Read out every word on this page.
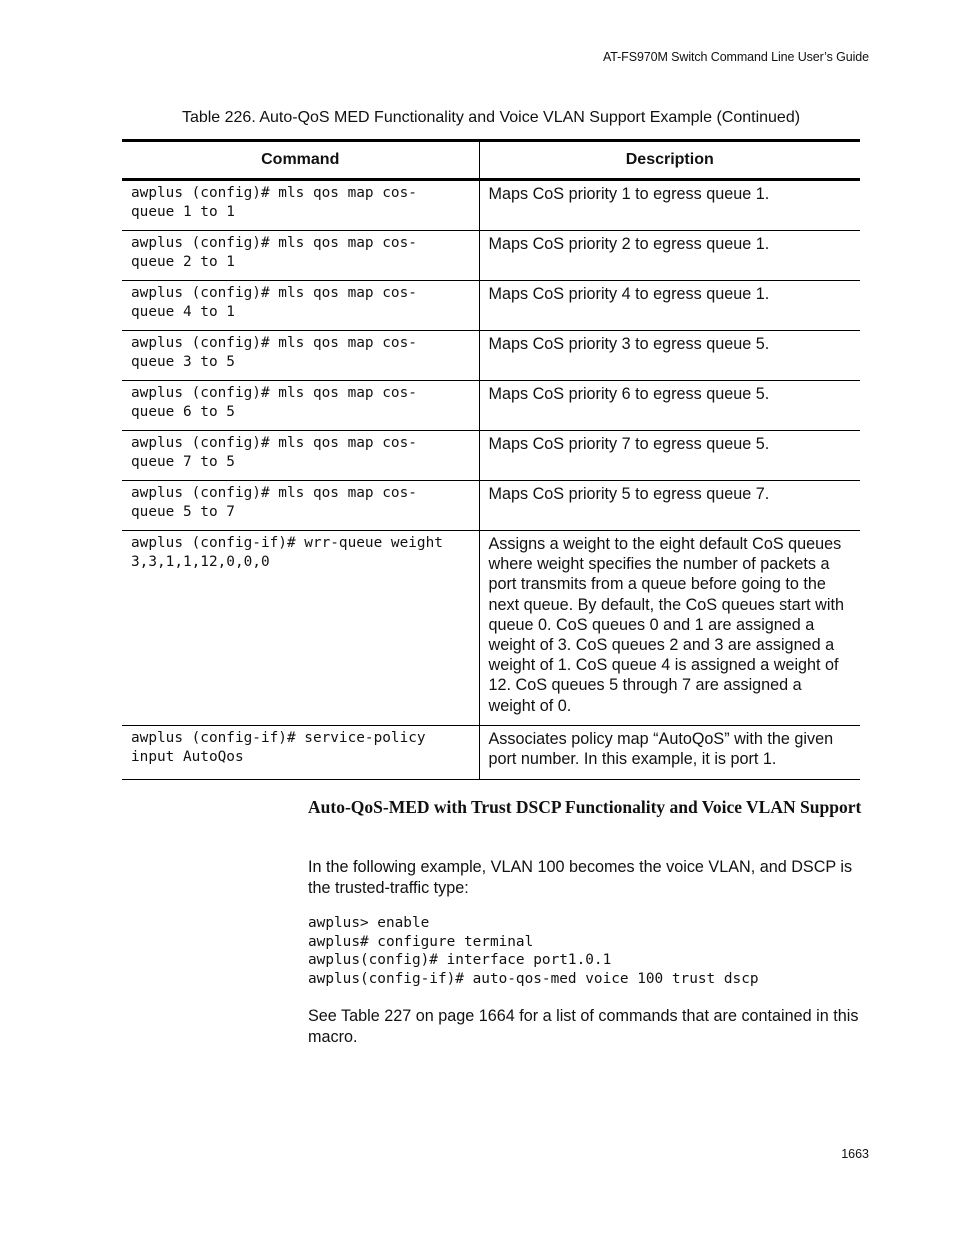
AT-FS970M Switch Command Line User’s Guide
Table 226. Auto-QoS MED Functionality and Voice VLAN Support Example (Continued)
Command	Description

awplus (config)# mls qos map cos-
queue 1 to 1	Maps CoS priority 1 to egress queue 1.

awplus (config)# mls qos map cos-
queue 2 to 1	Maps CoS priority 2 to egress queue 1.

awplus (config)# mls qos map cos-
queue 4 to 1	Maps CoS priority 4 to egress queue 1.

awplus (config)# mls qos map cos-
queue 3 to 5	Maps CoS priority 3 to egress queue 5.

awplus (config)# mls qos map cos-
queue 6 to 5	Maps CoS priority 6 to egress queue 5.

awplus (config)# mls qos map cos-
queue 7 to 5	Maps CoS priority 7 to egress queue 5.

awplus (config)# mls qos map cos-
queue 5 to 7	Maps CoS priority 5 to egress queue 7.

awplus (config-if)# wrr-queue weight
3,3,1,1,12,0,0,0	Assigns a weight to the eight default CoS queues where weight specifies the number of packets a port transmits from a queue before going to the next queue. By default, the CoS queues start with queue 0. CoS queues 0 and 1 are assigned a weight of 3. CoS queues 2 and 3 are assigned a weight of 1. CoS queue 4 is assigned a weight of 12. CoS queues 5 through 7 are assigned a weight of 0.

awplus (config-if)# service-policy
input AutoQos	Associates policy map “AutoQoS” with the given port number. In this example, it is port 1.
Auto-QoS-MED with Trust DSCP Functionality and Voice VLAN Support
In the following example, VLAN 100 becomes the voice VLAN, and DSCP is the trusted-traffic type:
awplus> enable
awplus# configure terminal
awplus(config)# interface port1.0.1
awplus(config-if)# auto-qos-med voice 100 trust dscp
See Table 227 on page 1664 for a list of commands that are contained in this macro.
1663
